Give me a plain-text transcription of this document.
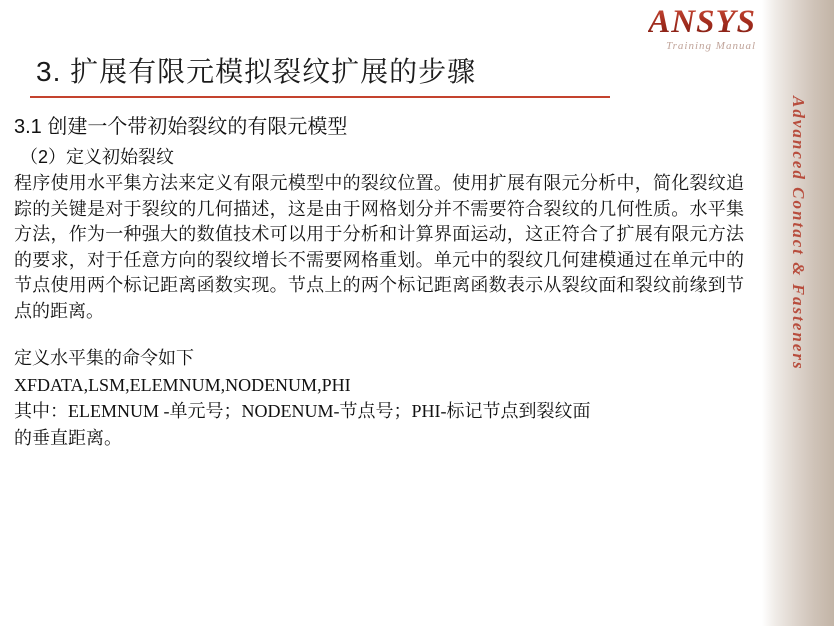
Advanced Contact & Fasteners
ANSYS
Training Manual
3. 扩展有限元模拟裂纹扩展的步骤
3.1 创建一个带初始裂纹的有限元模型
（2）定义初始裂纹
程序使用水平集方法来定义有限元模型中的裂纹位置。使用扩展有限元分析中，简化裂纹追踪的关键是对于裂纹的几何描述，这是由于网格划分并不需要符合裂纹的几何性质。水平集方法，作为一种强大的数值技术可以用于分析和计算界面运动，这正符合了扩展有限元方法的要求，对于任意方向的裂纹增长不需要网格重划。单元中的裂纹几何建模通过在单元中的节点使用两个标记距离函数实现。节点上的两个标记距离函数表示从裂纹面和裂纹前缘到节点的距离。
定义水平集的命令如下
XFDATA,LSM,ELEMNUM,NODENUM,PHI
其中：ELEMNUM -单元号；NODENUM-节点号；PHI-标记节点到裂纹面
的垂直距离。
